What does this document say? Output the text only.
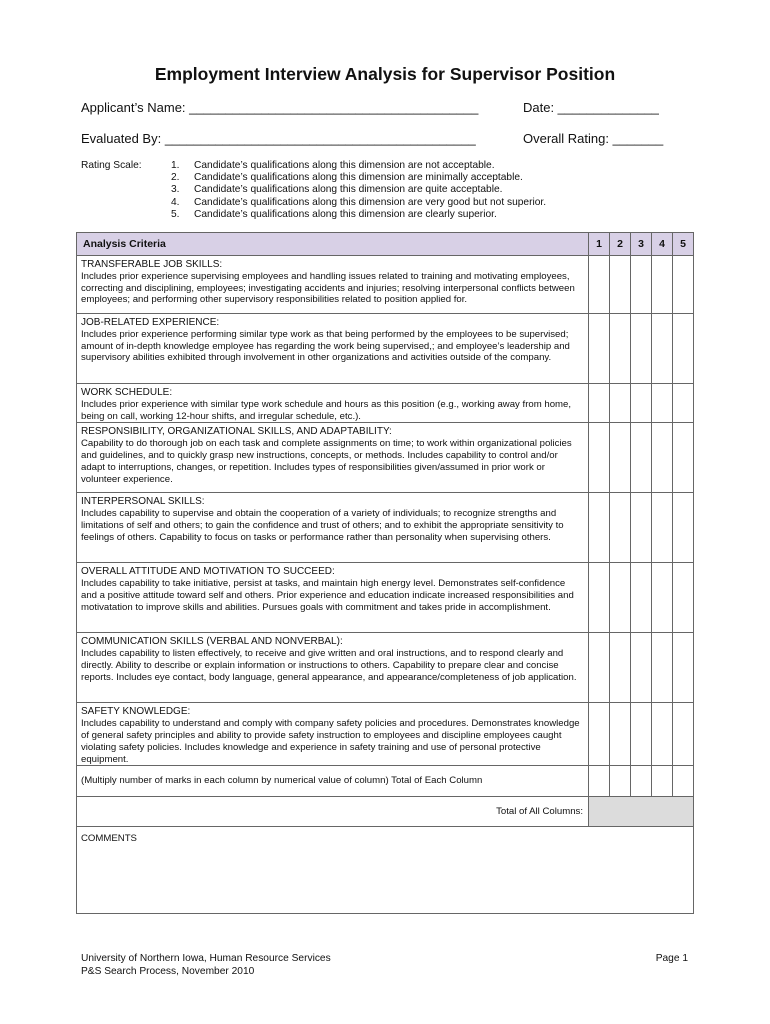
Employment Interview Analysis for Supervisor Position
Applicant’s Name: ________________________________________	Date: ______________
Evaluated By: ___________________________________________	Overall Rating: _______
Rating Scale:	1. Candidate’s qualifications along this dimension are not acceptable.
2. Candidate’s qualifications along this dimension are minimally acceptable.
3. Candidate’s qualifications along this dimension are quite acceptable.
4. Candidate’s qualifications along this dimension are very good but not superior.
5. Candidate’s qualifications along this dimension are clearly superior.
Analysis Criteria	1	2	3	4	5

TRANSFERABLE JOB SKILLS:
Includes prior experience supervising employees and handling issues related to training and motivating employees, correcting and disciplining, employees; investigating accidents and injuries; resolving interpersonal conflicts between employees; and performing other supervisory responsibilities related to position applied for.					

JOB-RELATED EXPERIENCE:
Includes prior experience performing similar type work as that being performed by the employees to be supervised; amount of in-depth knowledge employee has regarding the work being supervised,; and employee’s leadership and supervisory abilities exhibited through involvement in other organizations and activities outside of the company.					

WORK SCHEDULE:
Includes prior experience with similar type work schedule and hours as this position (e.g., working away from home, being on call, working 12-hour shifts, and irregular schedule, etc.).					

RESPONSIBILITY, ORGANIZATIONAL SKILLS, AND ADAPTABILITY:
Capability to do thorough job on each task and complete assignments on time; to work within organizational policies and guidelines, and to quickly grasp new instructions, concepts, or methods. Includes capability to control and/or adapt to interruptions, changes, or repetition. Includes types of responsibilities given/assumed in prior work or volunteer experience.					

INTERPERSONAL SKILLS:
Includes capability to supervise and obtain the cooperation of a variety of individuals; to recognize strengths and limitations of self and others; to gain the confidence and trust of others; and to exhibit the appropriate sensitivity to feelings of others. Capability to focus on tasks or performance rather than personality when supervising others.					

OVERALL ATTITUDE AND MOTIVATION TO SUCCEED:
Includes capability to take initiative, persist at tasks, and maintain high energy level. Demonstrates self-confidence and a positive attitude toward self and others. Prior experience and education indicate increased responsibilities and motivatation to improve skills and abilities. Pursues goals with commitment and takes pride in accomplishment.					

COMMUNICATION SKILLS (VERBAL AND NONVERBAL):
Includes capability to listen effectively, to receive and give written and oral instructions, and to respond clearly and directly. Ability to describe or explain information or instructions to others. Capability to prepare clear and concise reports. Includes eye contact, body language, general appearance, and appearance/completeness of job application.					

SAFETY KNOWLEDGE:
Includes capability to understand and comply with company safety policies and procedures. Demonstrates knowledge of general safety principles and ability to provide safety instruction to employees and discipline employees caught violating safety policies. Includes knowledge and experience in safety training and use of personal protective equipment.					

(Multiply number of marks in each column by numerical value of column) Total of Each Column					
Total of All Columns:					
COMMENTS					
University of Northern Iowa, Human Resource Services
P&S Search Process, November 2010
Page 1
